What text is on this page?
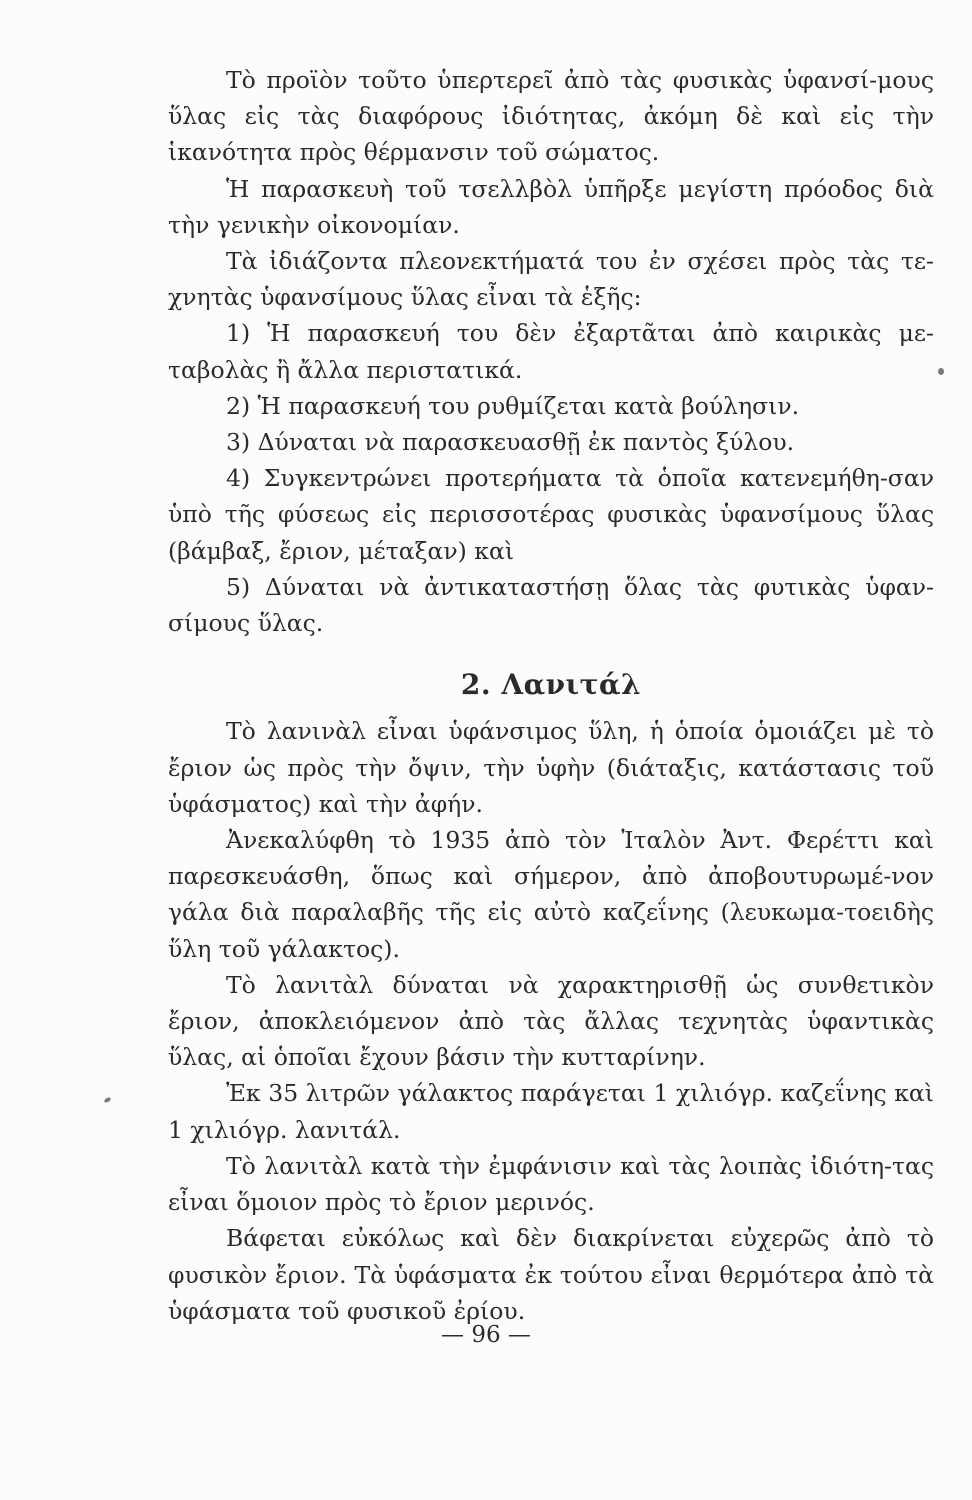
Τὸ προϊὸν τοῦτο ὑπερτερεῖ ἀπὸ τὰς φυσικὰς ὑφανσί-μους ὕλας εἰς τὰς διαφόρους ἰδιότητας, ἀκόμη δὲ καὶ εἰς τὴν ἱκανότητα πρὸς θέρμανσιν τοῦ σώματος.

Ἡ παρασκευὴ τοῦ τσελλβὸλ ὑπῆρξε μεγίστη πρόοδος διὰ τὴν γενικὴν οἰκονομίαν.

Τὰ ἰδιάζοντα πλεονεκτήματά του ἐν σχέσει πρὸς τὰς τε-χνητὰς ὑφανσίμους ὕλας εἶναι τὰ ἑξῆς:

1) Ἡ παρασκευή του δὲν ἐξαρτᾶται ἀπὸ καιρικὰς με-ταβολὰς ἢ ἄλλα περιστατικά.

2) Ἡ παρασκευή του ρυθμίζεται κατὰ βούλησιν.

3) Δύναται νὰ παρασκευασθῇ ἐκ παντὸς ξύλου.

4) Συγκεντρώνει προτερήματα τὰ ὁποῖα κατενεμήθη-σαν ὑπὸ τῆς φύσεως εἰς περισσοτέρας φυσικὰς ὑφανσίμους ὕλας (βάμβαξ, ἔριον, μέταξαν) καὶ

5) Δύναται νὰ ἀντικαταστήσῃ ὅλας τὰς φυτικὰς ὑφαν-σίμους ὕλας.

2. Λανιτάλ

Τὸ λανινὰλ εἶναι ὑφάνσιμος ὕλη, ἡ ὁποία ὁμοιάζει μὲ τὸ ἔριον ὡς πρὸς τὴν ὄψιν, τὴν ὑφὴν (διάταξις, κατάστασις τοῦ ὑφάσματος) καὶ τὴν ἀφήν.

Ἀνεκαλύφθη τὸ 1935 ἀπὸ τὸν Ἰταλὸν Ἀντ. Φερέττι καὶ παρεσκευάσθη, ὅπως καὶ σήμερον, ἀπὸ ἀποβουτυρωμέ-νον γάλα διὰ παραλαβῆς τῆς εἰς αὐτὸ καζεΐνης (λευκωμα-τοειδὴς ὕλη τοῦ γάλακτος).

Τὸ λανιτὰλ δύναται νὰ χαρακτηρισθῇ ὡς συνθετικὸν ἔριον, ἀποκλειόμενον ἀπὸ τὰς ἄλλας τεχνητὰς ὑφαντικὰς ὕλας, αἱ ὁποῖαι ἔχουν βάσιν τὴν κυτταρίνην.

Ἐκ 35 λιτρῶν γάλακτος παράγεται 1 χιλιόγρ. καζεΐνης καὶ 1 χιλιόγρ. λανιτάλ.

Τὸ λανιτὰλ κατὰ τὴν ἐμφάνισιν καὶ τὰς λοιπὰς ἰδιότη-τας εἶναι ὅμοιον πρὸς τὸ ἔριον μερινός.

Βάφεται εὐκόλως καὶ δὲν διακρίνεται εὐχερῶς ἀπὸ τὸ φυσικὸν ἔριον. Τὰ ὑφάσματα ἐκ τούτου εἶναι θερμότερα ἀπὸ τὰ ὑφάσματα τοῦ φυσικοῦ ἐρίου.

— 96 —
